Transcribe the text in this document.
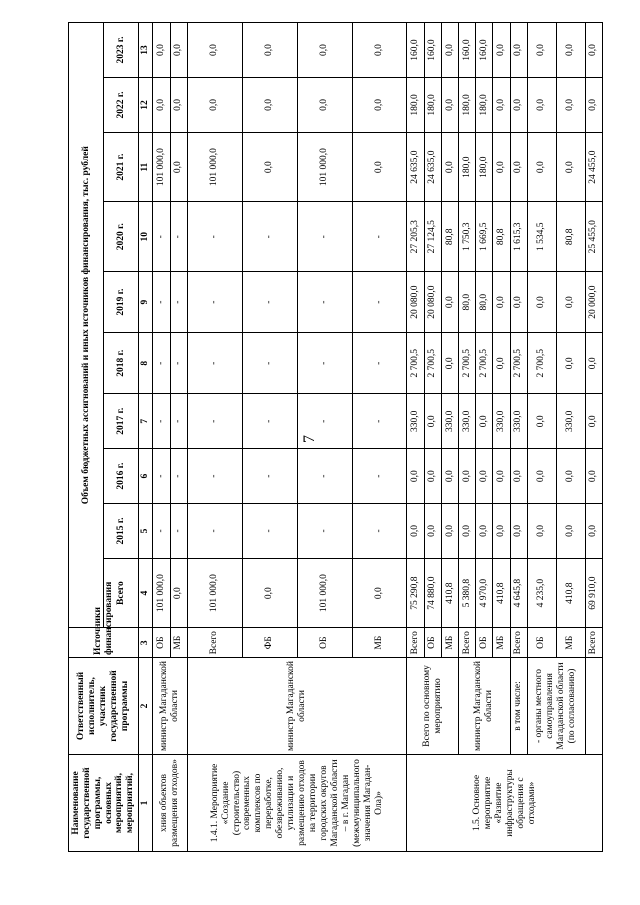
7
Наименование государственной программы, основных мероприятий, мероприятий,	Ответственный исполнитель, участник государственной программы	Источники финансирования	Объем бюджетных ассигнований и иных источников финансирования, тыс. рублей									
			Всего	2015 г.	2016 г.	2017 г.	2018 г.	2019 г.	2020 г.	2021 г.	2022 г.	2023 г.
1	2	3	4	5	6	7	8	9	10	11	12	13
хния объектов размещения отходов»	министр Магаданской области	ОБ	101 000,0	-	-	-	-	-	-	101 000,0	0,0	0,0
		МБ	0,0	-	-	-	-	-	-	0,0	0,0	0,0
1.4.1. Мероприятие «Создание (строительство) современных комплексов по переработке, обезвреживанию, утилизации и размещению отходов на территории городских округов Магаданской области – в г. Магадан (межмуниципального значения Магадан-Ола)»	министр Магаданской области	Всего	101 000,0	-	-	-	-	-	-	101 000,0	0,0	0,0
		ФБ	0,0	-	-	-	-	-	-	0,0	0,0	0,0
		ОБ	101 000,0	-	-	-	-	-	-	101 000,0	0,0	0,0
		МБ	0,0	-	-	-	-	-	-	0,0	0,0	0,0
1.5. Основное мероприятие «Развитие инфраструктуры обращения с отходами»	Всего по основному мероприятию	Всего	75 290,8	0,0	0,0	330,0	2 700,5	20 080,0	27 205,3	24 635,0	180,0	160,0
		ОБ	74 880,0	0,0	0,0	0,0	2 700,5	20 080,0	27 124,5	24 635,0	180,0	160,0
		МБ	410,8	0,0	0,0	330,0	0,0	0,0	80,8	0,0	0,0	0,0
	министр Магаданской области	Всего	5 380,8	0,0	0,0	330,0	2 700,5	80,0	1 750,3	180,0	180,0	160,0
		ОБ	4 970,0	0,0	0,0	0,0	2 700,5	80,0	1 669,5	180,0	180,0	160,0
		МБ	410,8	0,0	0,0	330,0	0,0	0,0	80,8	0,0	0,0	0,0
	в том числе:	Всего	4 645,8	0,0	0,0	330,0	2 700,5	0,0	1 615,3	0,0	0,0	0,0
	- органы местного самоуправления Магаданской области (по согласованию)	ОБ	4 235,0	0,0	0,0	0,0	2 700,5	0,0	1 534,5	0,0	0,0	0,0
		МБ	410,8	0,0	0,0	330,0	0,0	0,0	80,8	0,0	0,0	0,0
		Всего	69 910,0	0,0	0,0	0,0	0,0	20 000,0	25 455,0	24 455,0	0,0	0,0
